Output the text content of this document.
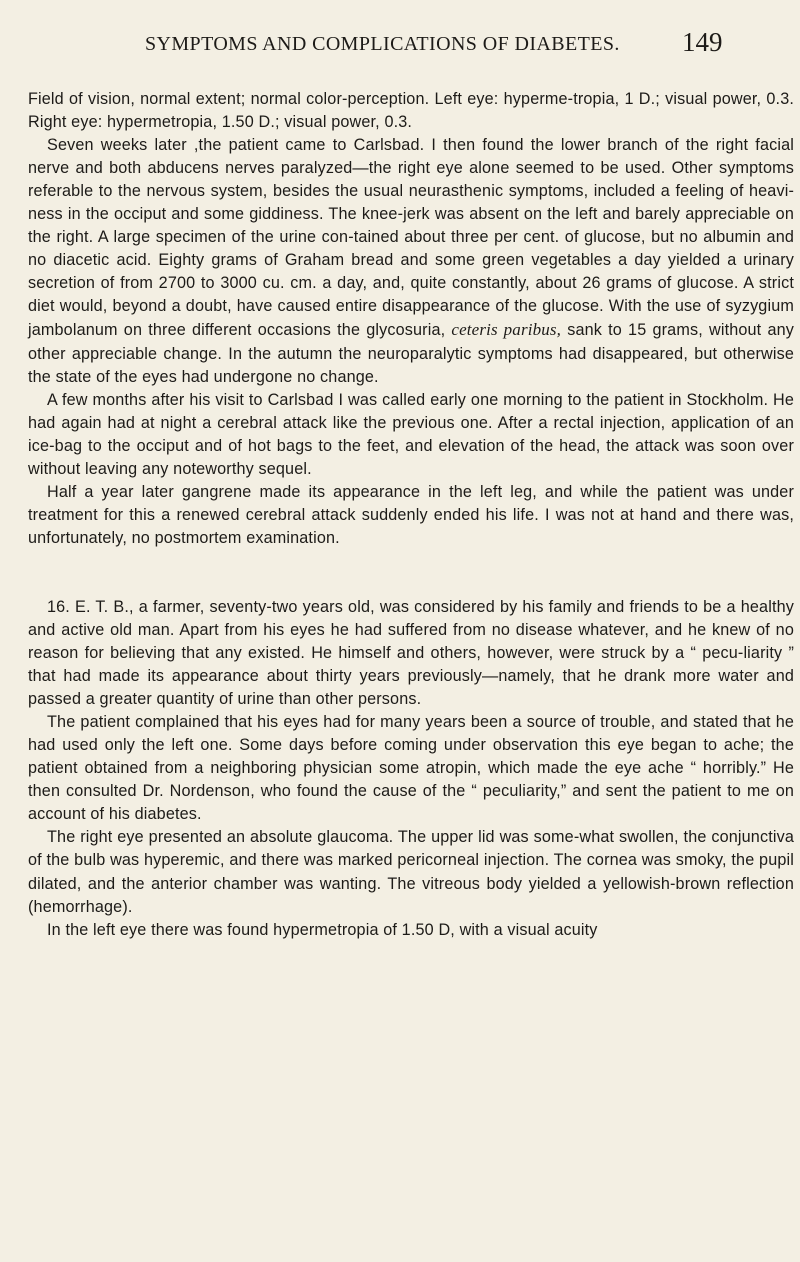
SYMPTOMS AND COMPLICATIONS OF DIABETES. 149

Field of vision, normal extent; normal color-perception. Left eye: hyperme-tropia, 1 D.; visual power, 0.3. Right eye: hypermetropia, 1.50 D.; visual power, 0.3.

Seven weeks later ,the patient came to Carlsbad. I then found the lower branch of the right facial nerve and both abducens nerves paralyzed—the right eye alone seemed to be used. Other symptoms referable to the nervous system, besides the usual neurasthenic symptoms, included a feeling of heavi-ness in the occiput and some giddiness. The knee-jerk was absent on the left and barely appreciable on the right. A large specimen of the urine con-tained about three per cent. of glucose, but no albumin and no diacetic acid. Eighty grams of Graham bread and some green vegetables a day yielded a urinary secretion of from 2700 to 3000 cu. cm. a day, and, quite constantly, about 26 grams of glucose. A strict diet would, beyond a doubt, have caused entire disappearance of the glucose. With the use of syzygium jambolanum on three different occasions the glycosuria, ceteris paribus, sank to 15 grams, without any other appreciable change. In the autumn the neuroparalytic symptoms had disappeared, but otherwise the state of the eyes had undergone no change.

A few months after his visit to Carlsbad I was called early one morning to the patient in Stockholm. He had again had at night a cerebral attack like the previous one. After a rectal injection, application of an ice-bag to the occiput and of hot bags to the feet, and elevation of the head, the attack was soon over without leaving any noteworthy sequel.

Half a year later gangrene made its appearance in the left leg, and while the patient was under treatment for this a renewed cerebral attack suddenly ended his life. I was not at hand and there was, unfortunately, no postmortem examination.

16. E. T. B., a farmer, seventy-two years old, was considered by his family and friends to be a healthy and active old man. Apart from his eyes he had suffered from no disease whatever, and he knew of no reason for believing that any existed. He himself and others, however, were struck by a “ pecu-liarity ” that had made its appearance about thirty years previously—namely, that he drank more water and passed a greater quantity of urine than other persons.

The patient complained that his eyes had for many years been a source of trouble, and stated that he had used only the left one. Some days before coming under observation this eye began to ache; the patient obtained from a neighboring physician some atropin, which made the eye ache “ horribly.” He then consulted Dr. Nordenson, who found the cause of the “ peculiarity,” and sent the patient to me on account of his diabetes.

The right eye presented an absolute glaucoma. The upper lid was some-what swollen, the conjunctiva of the bulb was hyperemic, and there was marked pericorneal injection. The cornea was smoky, the pupil dilated, and the anterior chamber was wanting. The vitreous body yielded a yellowish-brown reflection (hemorrhage).

In the left eye there was found hypermetropia of 1.50 D, with a visual acuity
